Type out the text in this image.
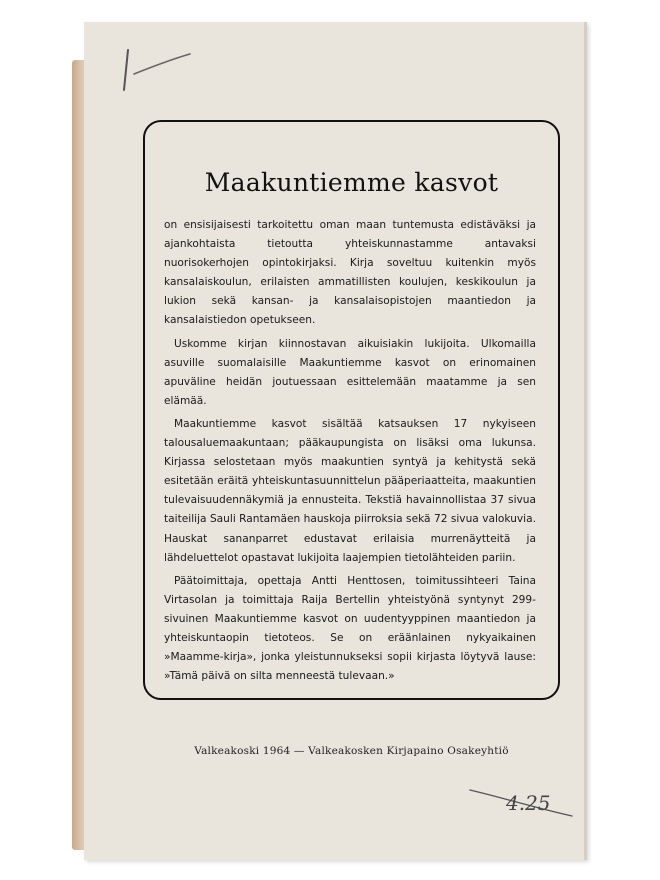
Maakuntiemme kasvot

on ensisijaisesti tarkoitettu oman maan tuntemusta edistäväksi ja ajankohtaista tietoutta yhteiskunnastamme antavaksi nuorisokerhojen opintokirjaksi. Kirja soveltuu kuitenkin myös kansalaiskoulun, erilaisten ammatillisten koulujen, keskikoulun ja lukion sekä kansan- ja kansalaisopistojen maantiedon ja kansalaistiedon opetukseen.

Uskomme kirjan kiinnostavan aikuisiakin lukijoita. Ulkomailla asuville suomalaisille Maakuntiemme kasvot on erinomainen apuväline heidän joutuessaan esittelemään maatamme ja sen elämää.

Maakuntiemme kasvot sisältää katsauksen 17 nykyiseen talousaluemaakuntaan; pääkaupungista on lisäksi oma lukunsa. Kirjassa selostetaan myös maakuntien syntyä ja kehitystä sekä esitetään eräitä yhteiskuntasuunnittelun pääperiaatteita, maakuntien tulevaisuudennäkymiä ja ennusteita. Tekstiä havainnollistaa 37 sivua taiteilija Sauli Rantamäen hauskoja piirroksia sekä 72 sivua valokuvia. Hauskat sananparret edustavat erilaisia murrenäytteitä ja lähdeluettelot opastavat lukijoita laajempien tietolähteiden pariin.

Päätoimittaja, opettaja Antti Henttosen, toimitussihteeri Taina Virtasolan ja toimittaja Raija Bertellin yhteistyönä syntynyt 299-sivuinen Maakuntiemme kasvot on uudentyyppinen maantiedon ja yhteiskuntaopin tietoteos. Se on eräänlainen nykyaikainen »Maamme-kirja», jonka yleistunnukseksi sopii kirjasta löytyvä lause: »Tämä päivä on silta menneestä tulevaan.»

Valkeakoski 1964 — Valkeakosken Kirjapaino Osakeyhtiö
4.25
